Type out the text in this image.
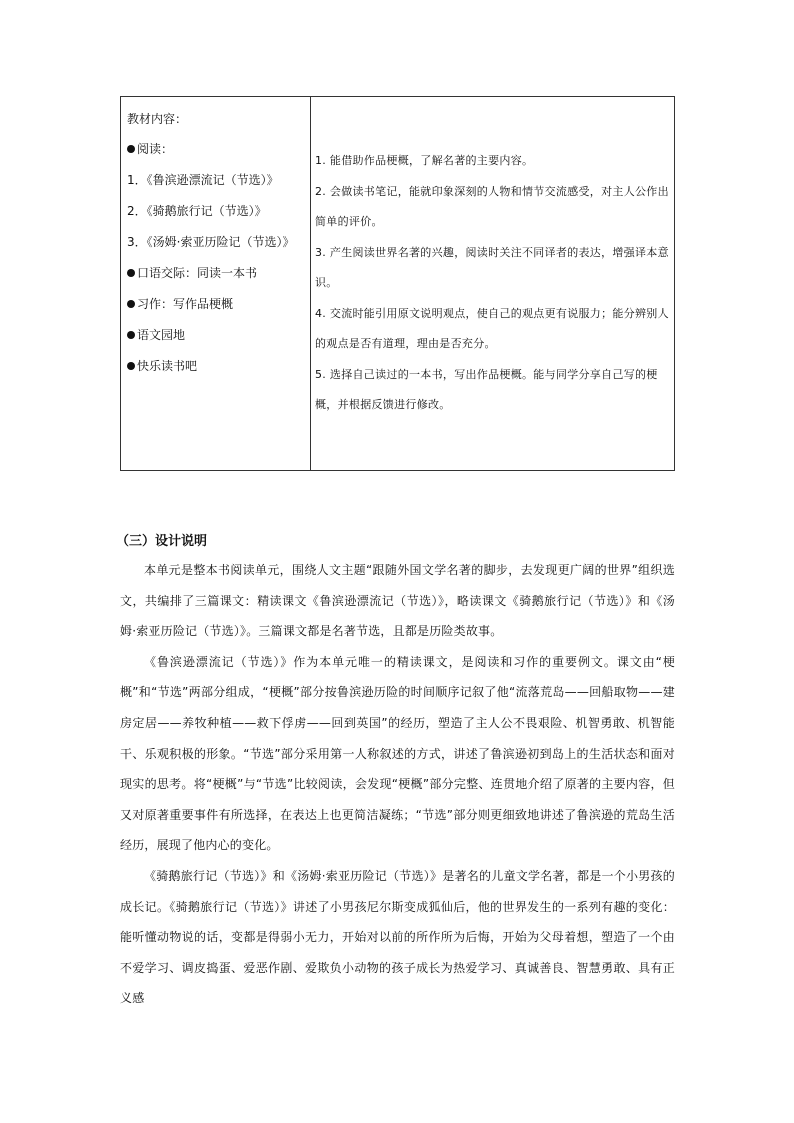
教材内容：
阅读：
1．《鲁滨逊漂流记（节选）》
2．《骑鹅旅行记（节选）》
3．《汤姆·索亚历险记（节选）》
口语交际：同读一本书
习作：写作品梗概
语文园地
快乐读书吧

1. 能借助作品梗概，了解名著的主要内容。

2. 会做读书笔记，能就印象深刻的人物和情节交流感受，对主人公作出简单的评价。

3. 产生阅读世界名著的兴趣，阅读时关注不同译者的表达，增强译本意识。

4. 交流时能引用原文说明观点，使自己的观点更有说服力；能分辨别人的观点是否有道理，理由是否充分。

5. 选择自己读过的一本书，写出作品梗概。能与同学分享自己写的梗概，并根据反馈进行修改。

（三）设计说明

本单元是整本书阅读单元，围绕人文主题“跟随外国文学名著的脚步，去发现更广阔的世界”组织选文，共编排了三篇课文：精读课文《鲁滨逊漂流记（节选）》，略读课文《骑鹅旅行记（节选）》和《汤姆·索亚历险记（节选）》。三篇课文都是名著节选，且都是历险类故事。

《鲁滨逊漂流记（节选）》作为本单元唯一的精读课文，是阅读和习作的重要例文。课文由“梗概”和“节选”两部分组成，“梗概”部分按鲁滨逊历险的时间顺序记叙了他“流落荒岛——回船取物——建房定居——养牧种植——救下俘虏——回到英国”的经历，塑造了主人公不畏艰险、机智勇敢、机智能干、乐观积极的形象。“节选”部分采用第一人称叙述的方式，讲述了鲁滨逊初到岛上的生活状态和面对现实的思考。将“梗概”与“节选”比较阅读，会发现“梗概”部分完整、连贯地介绍了原著的主要内容，但又对原著重要事件有所选择，在表达上也更简洁凝练；“节选”部分则更细致地讲述了鲁滨逊的荒岛生活经历，展现了他内心的变化。

《骑鹅旅行记（节选）》和《汤姆·索亚历险记（节选）》是著名的儿童文学名著，都是一个小男孩的成长记。《骑鹅旅行记（节选）》讲述了小男孩尼尔斯变成狐仙后，他的世界发生的一系列有趣的变化：能听懂动物说的话，变都是得弱小无力，开始对以前的所作所为后悔，开始为父母着想，塑造了一个由不爱学习、调皮捣蛋、爱恶作剧、爱欺负小动物的孩子成长为热爱学习、真诚善良、智慧勇敢、具有正义感
